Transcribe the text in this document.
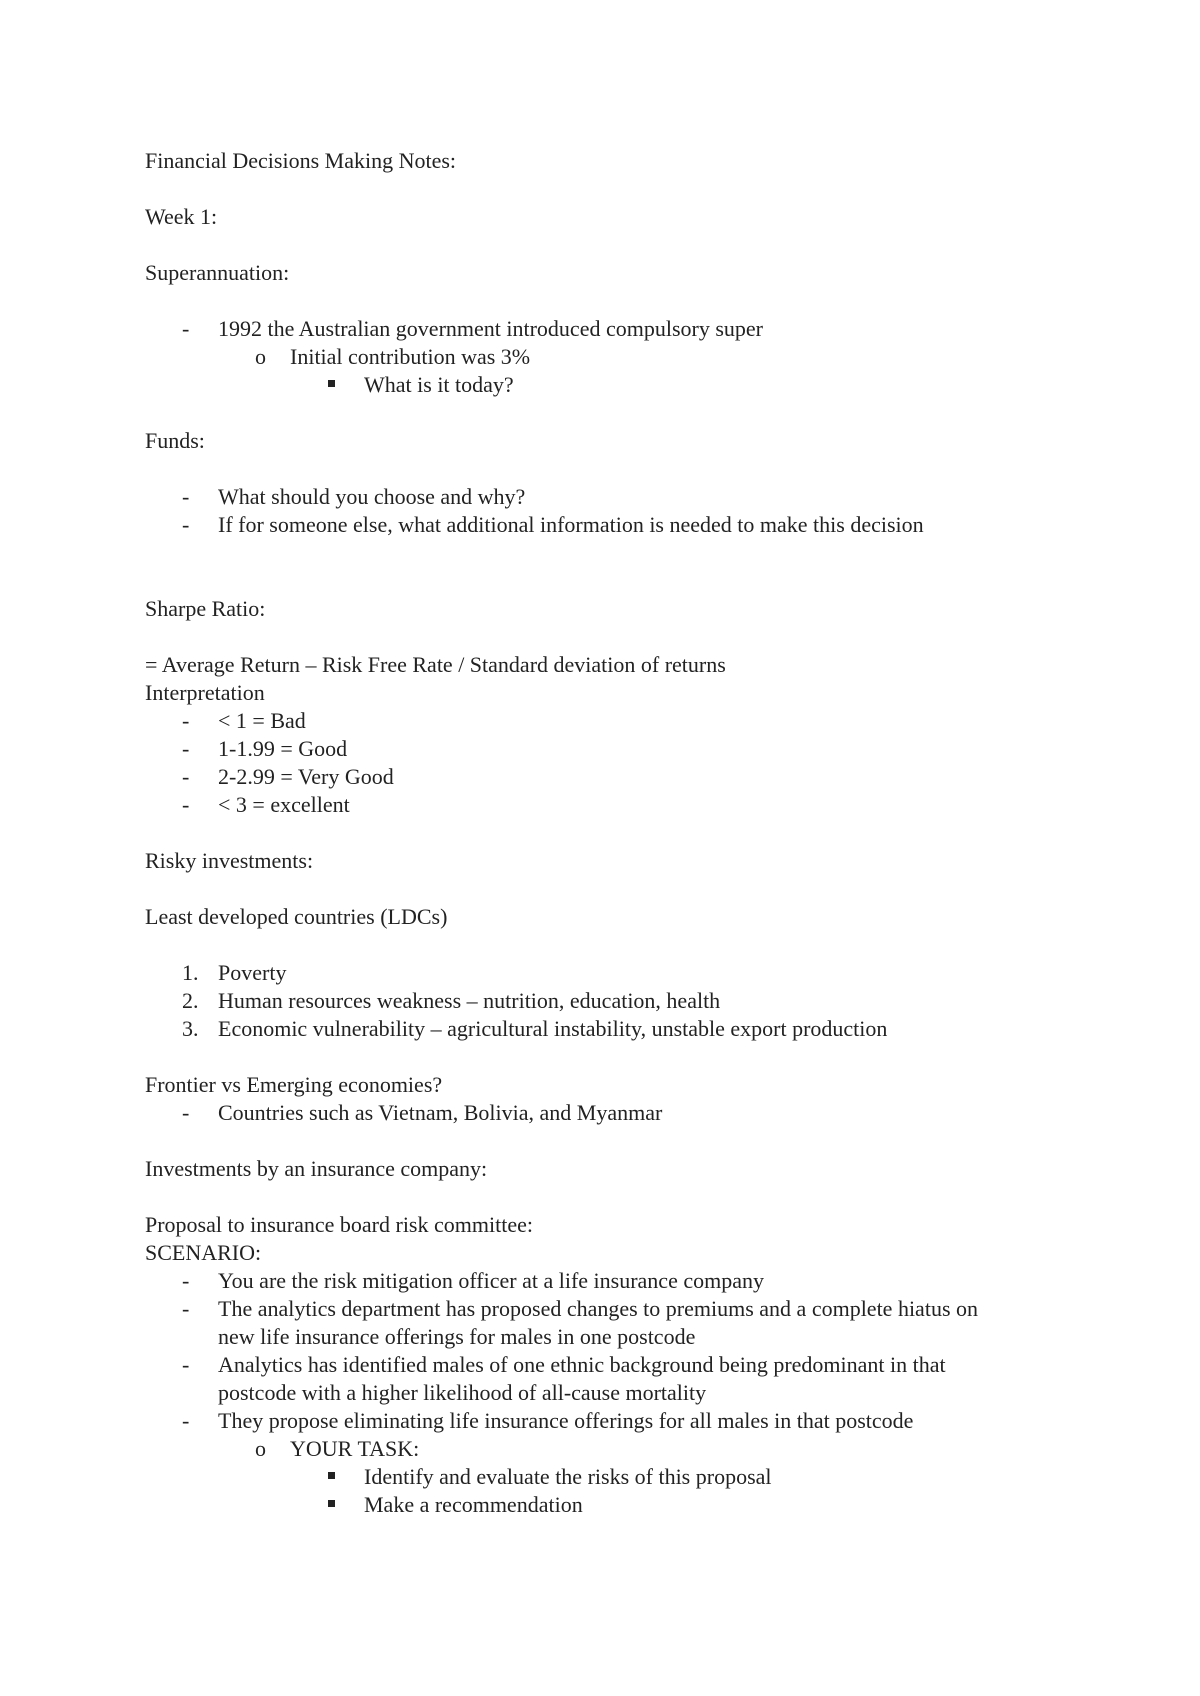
Financial Decisions Making Notes:
Week 1:
Superannuation:
- 1992 the Australian government introduced compulsory super
o Initial contribution was 3%
What is it today?
Funds:
- What should you choose and why?
- If for someone else, what additional information is needed to make this decision
Sharpe Ratio:
= Average Return – Risk Free Rate / Standard deviation of returns
Interpretation
- < 1 = Bad
- 1-1.99 = Good
- 2-2.99 = Very Good
- < 3 = excellent
Risky investments:
Least developed countries (LDCs)
1. Poverty
2. Human resources weakness – nutrition, education, health
3. Economic vulnerability – agricultural instability, unstable export production
Frontier vs Emerging economies?
- Countries such as Vietnam, Bolivia, and Myanmar
Investments by an insurance company:
Proposal to insurance board risk committee:
SCENARIO:
- You are the risk mitigation officer at a life insurance company
- The analytics department has proposed changes to premiums and a complete hiatus on
new life insurance offerings for males in one postcode
- Analytics has identified males of one ethnic background being predominant in that
postcode with a higher likelihood of all-cause mortality
- They propose eliminating life insurance offerings for all males in that postcode
o YOUR TASK:
Identify and evaluate the risks of this proposal
Make a recommendation
